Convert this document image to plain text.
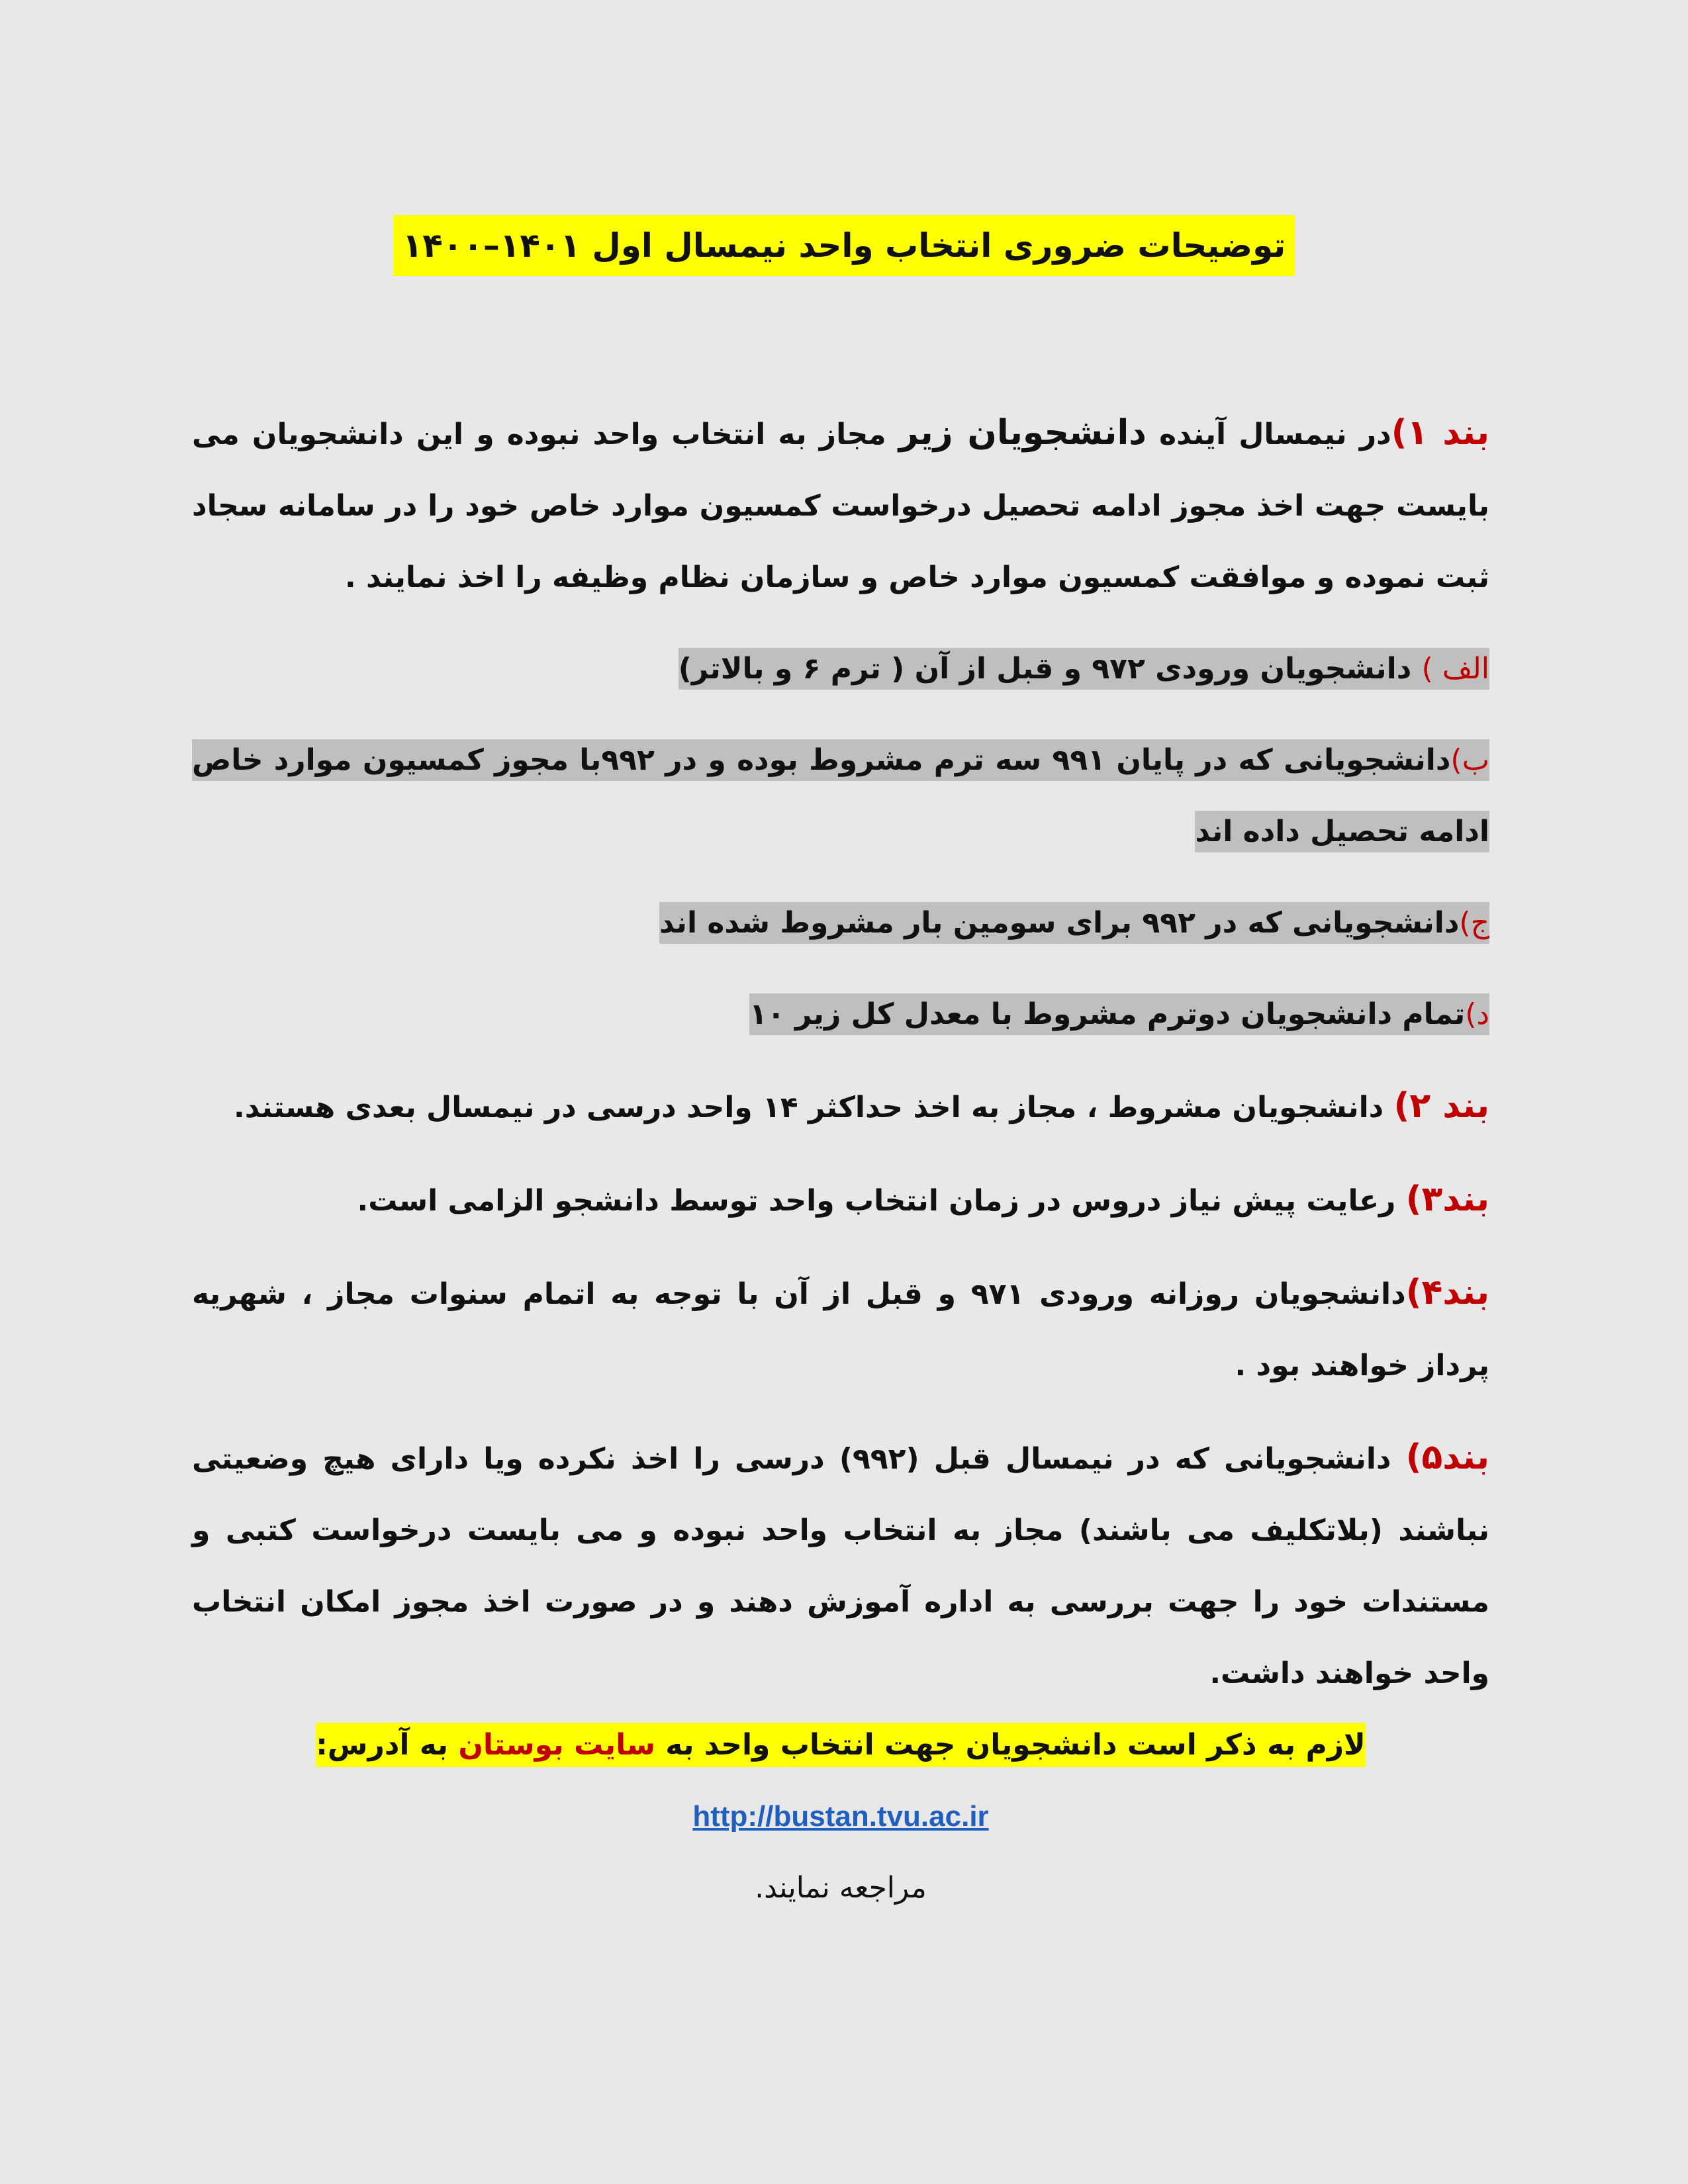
توضیحات ضروری انتخاب واحد نیمسال اول ۱۴۰۱–۱۴۰۰

بند ۱)در نیمسال آینده دانشجویان زیر مجاز به انتخاب واحد نبوده و این دانشجویان می بایست جهت اخذ مجوز ادامه تحصیل درخواست کمسیون موارد خاص خود را در سامانه سجاد ثبت نموده و موافقت کمسیون موارد خاص و سازمان نظام وظیفه را اخذ نمایند .

الف ) دانشجویان ورودی ۹۷۲ و قبل از آن ( ترم ۶ و بالاتر)

ب)دانشجویانی که در پایان ۹۹۱ سه ترم مشروط بوده و در ۹۹۲با مجوز کمسیون موارد خاص ادامه تحصیل داده اند

ج)دانشجویانی که در ۹۹۲ برای سومین بار مشروط شده اند

د)تمام دانشجویان دوترم مشروط با معدل کل زیر ۱۰

بند ۲) دانشجویان مشروط ، مجاز به اخذ حداکثر ۱۴ واحد درسی در نیمسال بعدی هستند.

بند۳) رعایت پیش نیاز دروس در زمان انتخاب واحد توسط دانشجو الزامی است.

بند۴)دانشجویان روزانه ورودی ۹۷۱ و قبل از آن با توجه به اتمام سنوات مجاز ، شهریه پرداز خواهند بود .

بند۵) دانشجویانی که در نیمسال قبل (۹۹۲) درسی را اخذ نکرده ویا دارای هیچ وضعیتی نباشند (بلاتکلیف می باشند) مجاز به انتخاب واحد نبوده و می بایست درخواست کتبی و مستندات خود را جهت بررسی به اداره آموزش دهند و در صورت اخذ مجوز امکان انتخاب واحد خواهند داشت.

لازم به ذکر است دانشجویان جهت انتخاب واحد به سایت بوستان به آدرس:

http://bustan.tvu.ac.ir

مراجعه نمایند.
